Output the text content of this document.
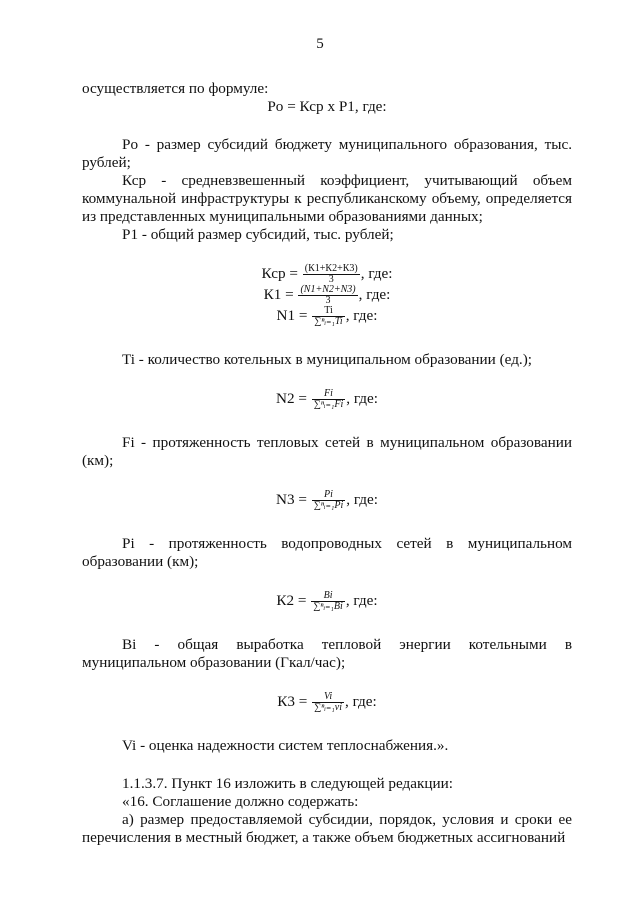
5

осуществляется по формуле:

Pо = Кср x P1, где:

Pо - размер субсидий бюджету муниципального образования, тыс. рублей;

Кср - средневзвешенный коэффициент, учитывающий объем коммунальной инфраструктуры к республиканскому объему, определяется из представленных муниципальными образованиями данных;

P1 - общий размер субсидий, тыс. рублей;

Кср = $\frac{(К1+К2+К3)}{3}$ , где:
$К1 = \frac{(N1+N2+N3)}{3}$ , где:
$N1 = \frac{Ti}{\text{∑ⁿᵢ₌₁Ti}}$ , где:

Ti - количество котельных в муниципальном образовании (ед.);

$N2 = \frac{Fi}{\text{∑ⁿᵢ₌₁Fi}}$ , где:

Fi - протяженность тепловых сетей в муниципальном образовании (км);

$N3 = \frac{Pi}{\text{∑ⁿᵢ₌₁Pi}}$ , где:

Pi - протяженность водопроводных сетей в муниципальном образовании (км);

$К2 = \frac{Bi}{\text{∑ⁿᵢ₌₁Bi}}$ , где:

Bi - общая выработка тепловой энергии котельными в муниципальном образовании (Гкал/час);

$К3 = \frac{Vi}{\text{∑ⁿᵢ₌₁vi}}$ , где:

Vi - оценка надежности систем теплоснабжения.».

1.1.3.7. Пункт 16 изложить в следующей редакции:

«16. Соглашение должно содержать:

а) размер предоставляемой субсидии, порядок, условия и сроки ее перечисления в местный бюджет, а также объем бюджетных ассигнований
